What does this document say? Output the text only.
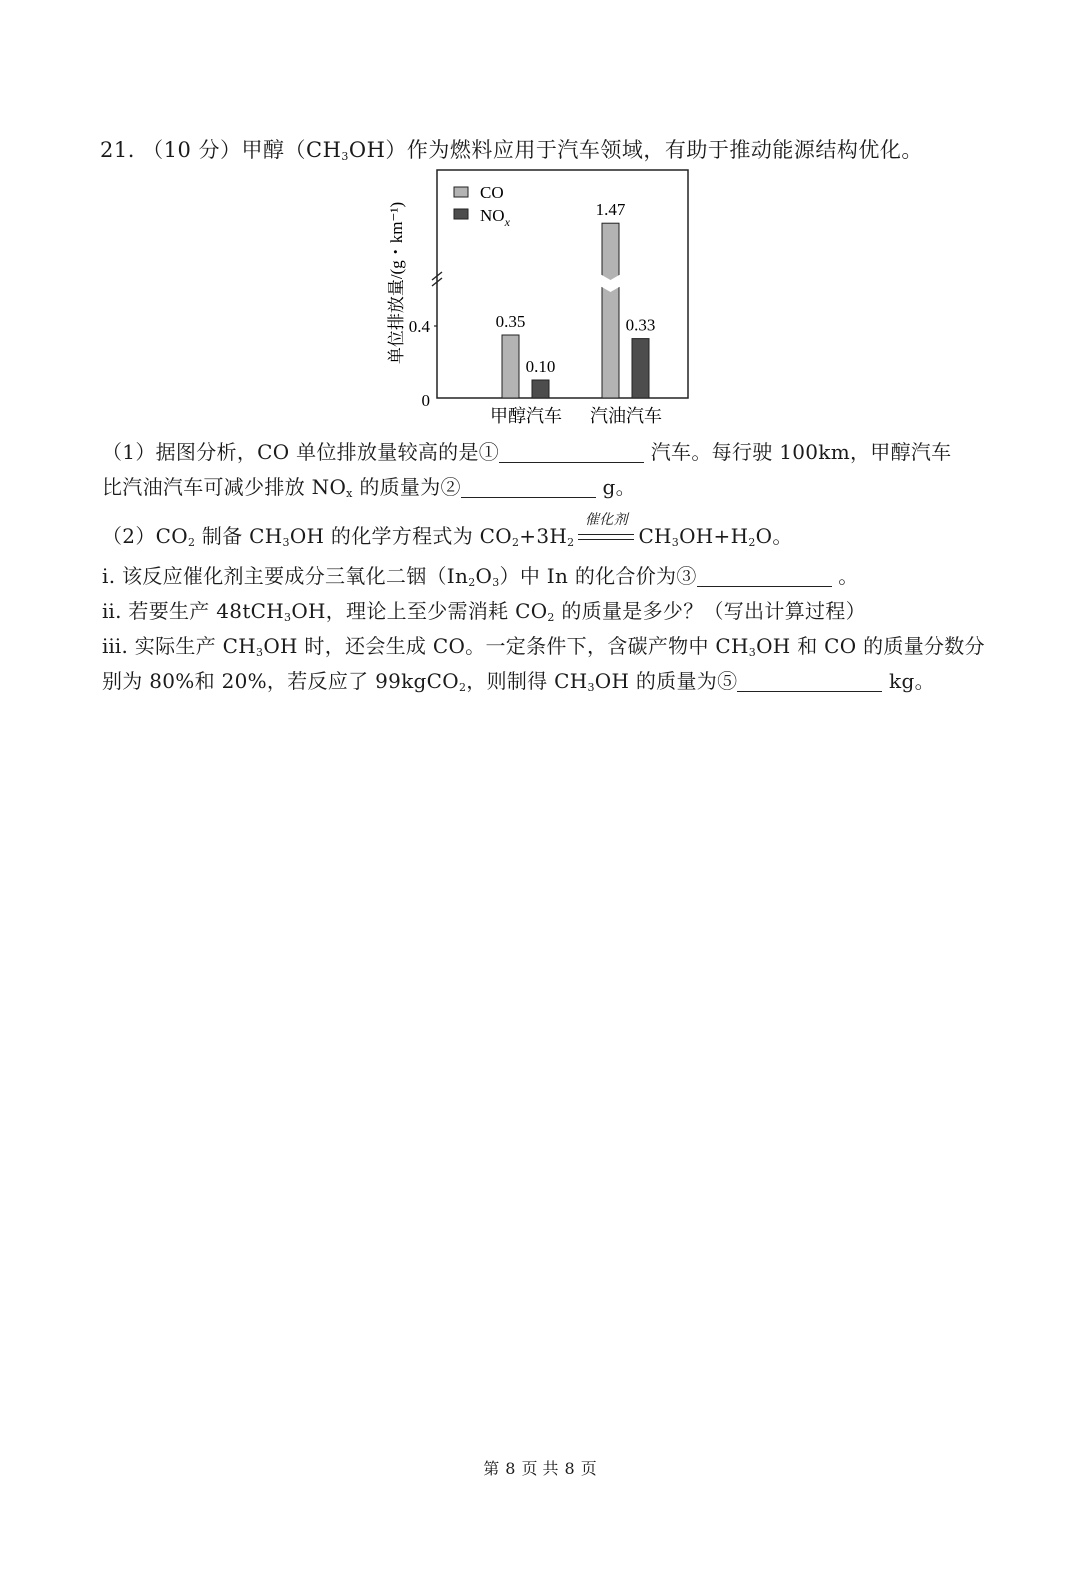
21. （10 分）甲醇$(CH_3OH)$作为燃料应用于汽车领域，有助于推动能源结构优化。
单位排放量/(g・km⁻¹) 0.4
0
CO
$NO_x$
0.35
0.10
1.47
0.33
甲醇汽车 汽油汽车
（1）据图分析，CO 单位排放量较高的是①	汽车。每行驶 100km，甲醇汽车
比汽油汽车可减少排放 $NO_x$ 的质量为②	g。
$(2)CO_2$ 制备 $CH_3OH$ 的化学方程式为 $CO_2+3H_2$
催化剂
$CH_3OH+H_2O$。
ⅰ. 该反应催化剂主要成分三氧化二铟$(In_2O_3)$中 In 的化合价为③	。
ⅱ. 若要生产 48tCH$_3$OH，理论上至少需消耗 $CO_2$ 的质量是多少？（写出计算过程）
ⅲ. 实际生产 $CH_3OH$ 时，还会生成 CO。一定条件下，含碳产物中 $CH_3OH$ 和 CO 的质量分数分
别为 80%和 20%，若反应了 99kgCO$_2$，则制得 $CH_3OH$ 的质量为⑤	kg。
第 8 页 共 8 页
